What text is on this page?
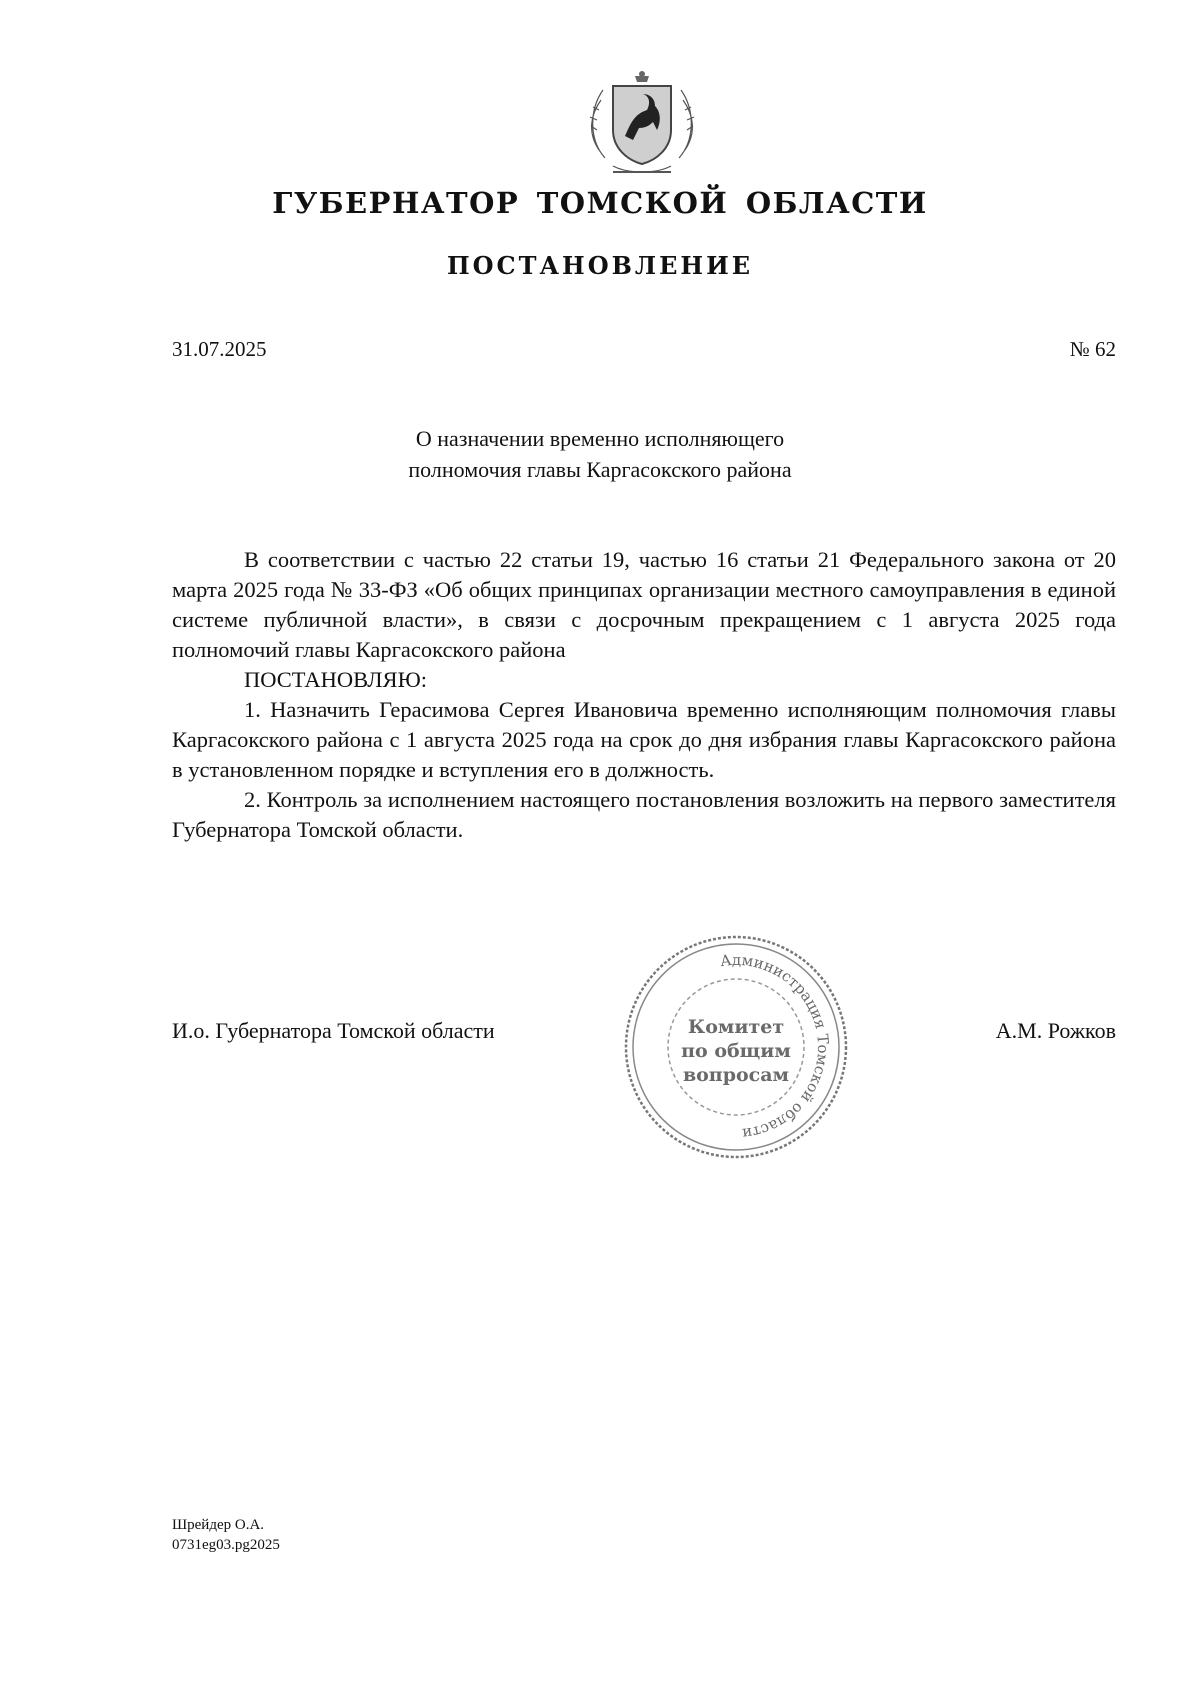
ГУБЕРНАТОР ТОМСКОЙ ОБЛАСТИ
ПОСТАНОВЛЕНИЕ
31.07.2025	№ 62
О назначении временно исполняющего
полномочия главы Каргасокского района

В соответствии с частью 22 статьи 19, частью 16 статьи 21 Федерального закона от 20 марта 2025 года № 33-ФЗ «Об общих принципах организации местного самоуправления в единой системе публичной власти», в связи с досрочным прекращением с 1 августа 2025 года полномочий главы Каргасокского района

ПОСТАНОВЛЯЮ:

1. Назначить Герасимова Сергея Ивановича временно исполняющим полномочия главы Каргасокского района с 1 августа 2025 года на срок до дня избрания главы Каргасокского района в установленном порядке и вступления его в должность.

2. Контроль за исполнением настоящего постановления возложить на первого заместителя Губернатора Томской области.

И.о. Губернатора Томской области	А.М. Рожков
Администрация Томской области
Комитет
по общим
вопросам
Шрейдер О.А.
0731eg03.pg2025
